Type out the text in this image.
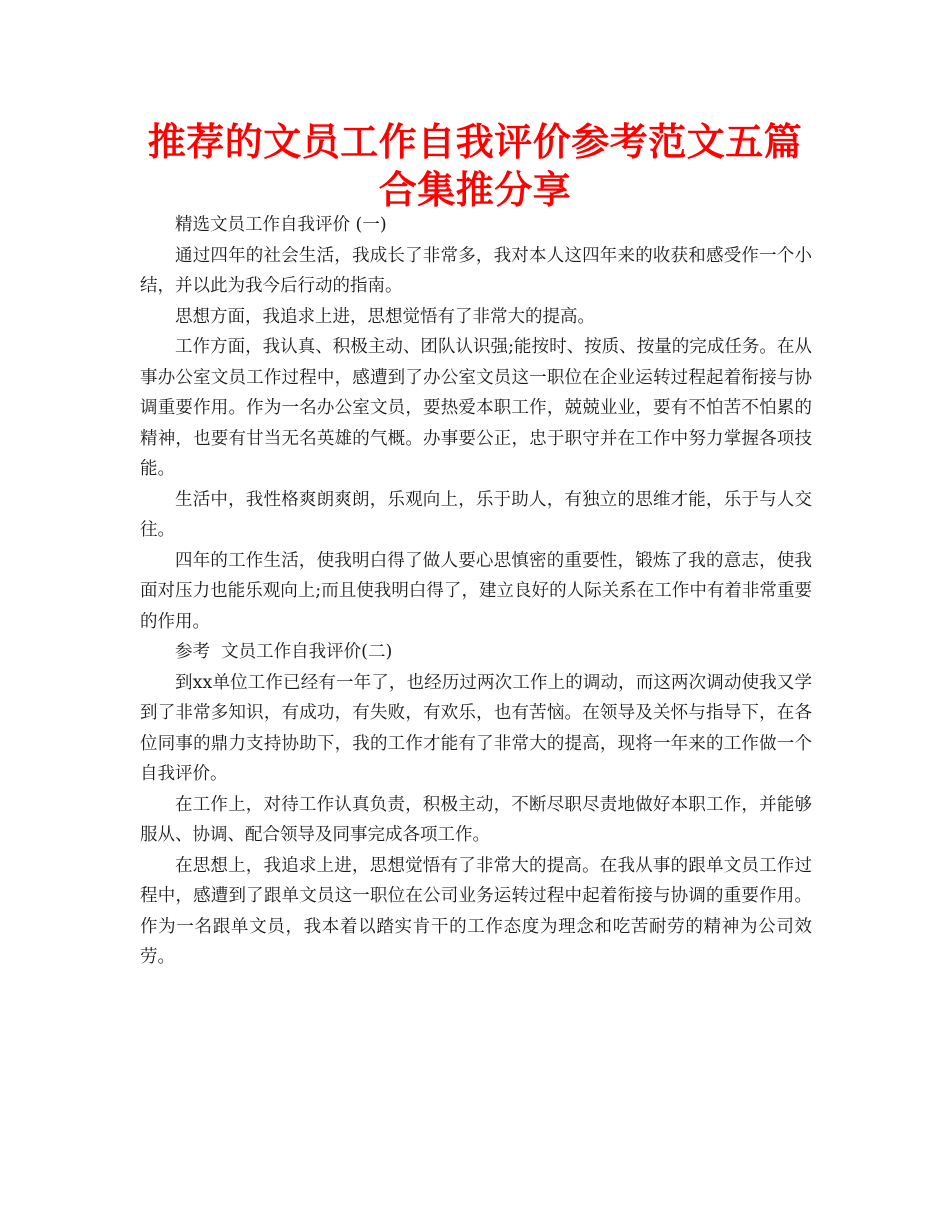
推荐的文员工作自我评价参考范文五篇合集推分享

精选文员工作自我评价 (一)

通过四年的社会生活，我成长了非常多，我对本人这四年来的收获和感受作一个小结，并以此为我今后行动的指南。

思想方面，我追求上进，思想觉悟有了非常大的提高。

工作方面，我认真、积极主动、团队认识强;能按时、按质、按量的完成任务。在从事办公室文员工作过程中，感遭到了办公室文员这一职位在企业运转过程起着衔接与协调重要作用。作为一名办公室文员，要热爱本职工作，兢兢业业，要有不怕苦不怕累的精神，也要有甘当无名英雄的气概。办事要公正，忠于职守并在工作中努力掌握各项技能。

生活中，我性格爽朗爽朗，乐观向上，乐于助人，有独立的思维才能，乐于与人交往。

四年的工作生活，使我明白得了做人要心思慎密的重要性，锻炼了我的意志，使我面对压力也能乐观向上;而且使我明白得了，建立良好的人际关系在工作中有着非常重要的作用。

参考  文员工作自我评价(二)

到xx单位工作已经有一年了，也经历过两次工作上的调动，而这两次调动使我又学到了非常多知识，有成功，有失败，有欢乐，也有苦恼。在领导及关怀与指导下，在各位同事的鼎力支持协助下，我的工作才能有了非常大的提高，现将一年来的工作做一个自我评价。

在工作上，对待工作认真负责，积极主动，不断尽职尽责地做好本职工作，并能够服从、协调、配合领导及同事完成各项工作。

在思想上，我追求上进，思想觉悟有了非常大的提高。在我从事的跟单文员工作过程中，感遭到了跟单文员这一职位在公司业务运转过程中起着衔接与协调的重要作用。作为一名跟单文员，我本着以踏实肯干的工作态度为理念和吃苦耐劳的精神为公司效劳。
